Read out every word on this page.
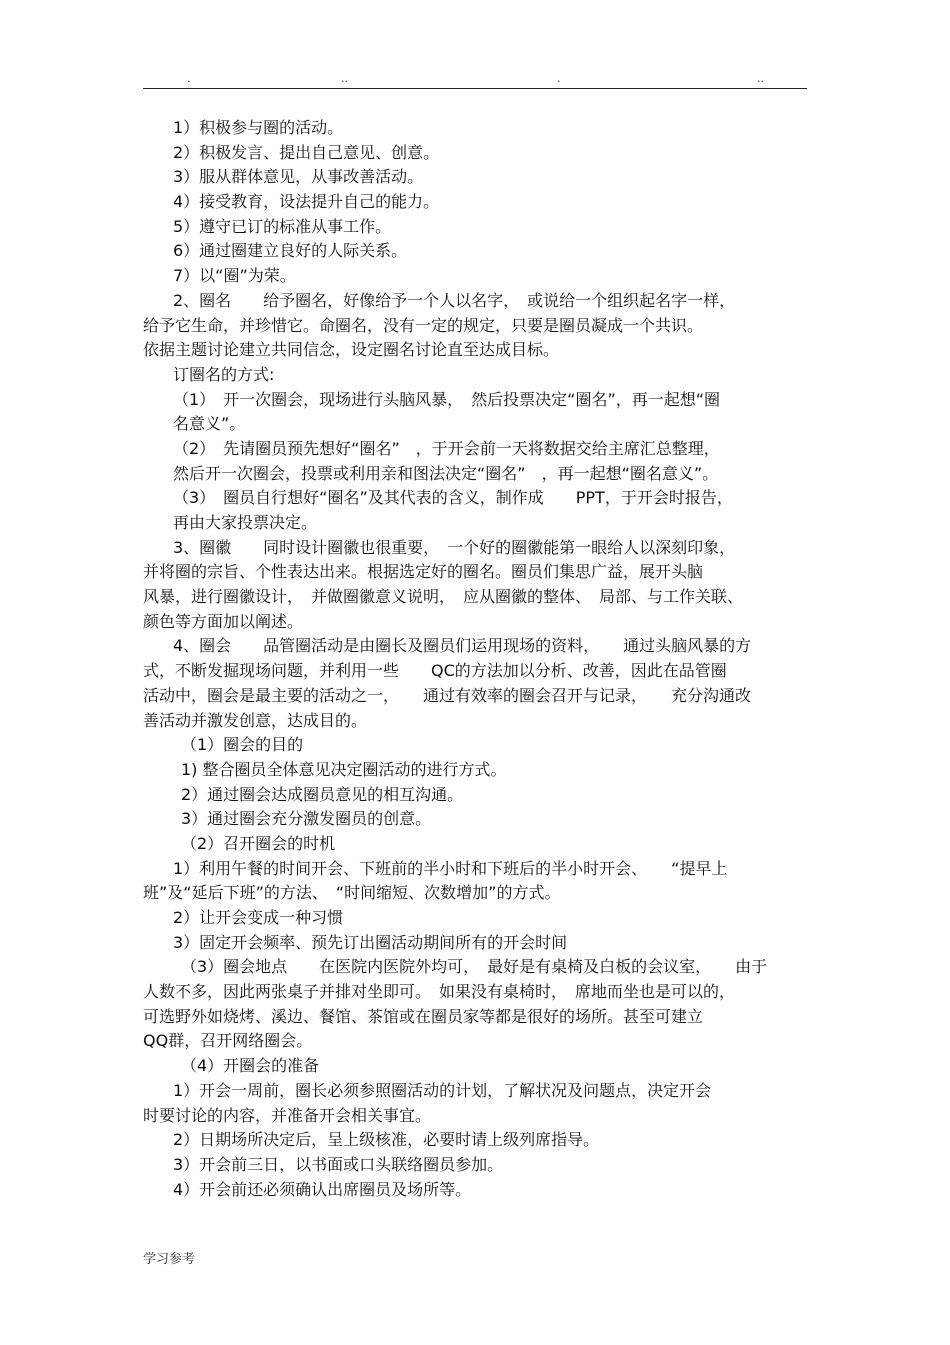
.	..	.	..
1）积极参与圈的活动。
2）积极发言、提出自己意见、创意。
3）服从群体意见，从事改善活动。
4）接受教育，设法提升自己的能力。
5）遵守已订的标准从事工作。
6）通过圈建立良好的人际关系。
7）以“圈”为荣。
2、圈名　　给予圈名，好像给予一个人以名字，　或说给一个组织起名字一样，
给予它生命，并珍惜它。命圈名，没有一定的规定，只要是圈员凝成一个共识。
依据主题讨论建立共同信念，设定圈名讨论直至达成目标。
订圈名的方式:
（1）　开一次圈会，现场进行头脑风暴，　然后投票决定“圈名”，再一起想“圈
名意义”。
（2）　先请圈员预先想好“圈名”　，于开会前一天将数据交给主席汇总整理，
然后开一次圈会，投票或利用亲和图法决定“圈名”　，再一起想“圈名意义”。
（3）　圈员自行想好“圈名”及其代表的含义，制作成　　PPT，于开会时报告，
再由大家投票决定。
3、圈徽　　同时设计圈徽也很重要，　一个好的圈徽能第一眼给人以深刻印象，
并将圈的宗旨、个性表达出来。根据选定好的圈名。圈员们集思广益，展开头脑
风暴，进行圈徽设计，　并做圈徽意义说明，　应从圈徽的整体、　局部、与工作关联、
颜色等方面加以阐述。
4、圈会　　品管圈活动是由圈长及圈员们运用现场的资料，　　通过头脑风暴的方
式，不断发掘现场问题，并利用一些　　QC的方法加以分析、改善，因此在品管圈
活动中，圈会是最主要的活动之一，　　通过有效率的圈会召开与记录，　　充分沟通改
善活动并激发创意，达成目的。
（1）圈会的目的
1) 整合圈员全体意见决定圈活动的进行方式。
2）通过圈会达成圈员意见的相互沟通。
3）通过圈会充分激发圈员的创意。
（2）召开圈会的时机
1）利用午餐的时间开会、下班前的半小时和下班后的半小时开会、　　“提早上
班”及“延后下班”的方法、　“时间缩短、次数增加”的方式。
2）让开会变成一种习惯
3）固定开会频率、预先订出圈活动期间所有的开会时间
（3）圈会地点　　在医院内医院外均可，　最好是有桌椅及白板的会议室，　　由于
人数不多，因此两张桌子并排对坐即可。　如果没有桌椅时，　席地而坐也是可以的，
可选野外如烧烤、溪边、餐馆、茶馆或在圈员家等都是很好的场所。甚至可建立
QQ群，召开网络圈会。
（4）开圈会的准备
1）开会一周前，圈长必须参照圈活动的计划，了解状况及问题点，决定开会
时要讨论的内容，并准备开会相关事宜。
2）日期场所决定后，呈上级核准，必要时请上级列席指导。
3）开会前三日，以书面或口头联络圈员参加。
4）开会前还必须确认出席圈员及场所等。
学习参考
